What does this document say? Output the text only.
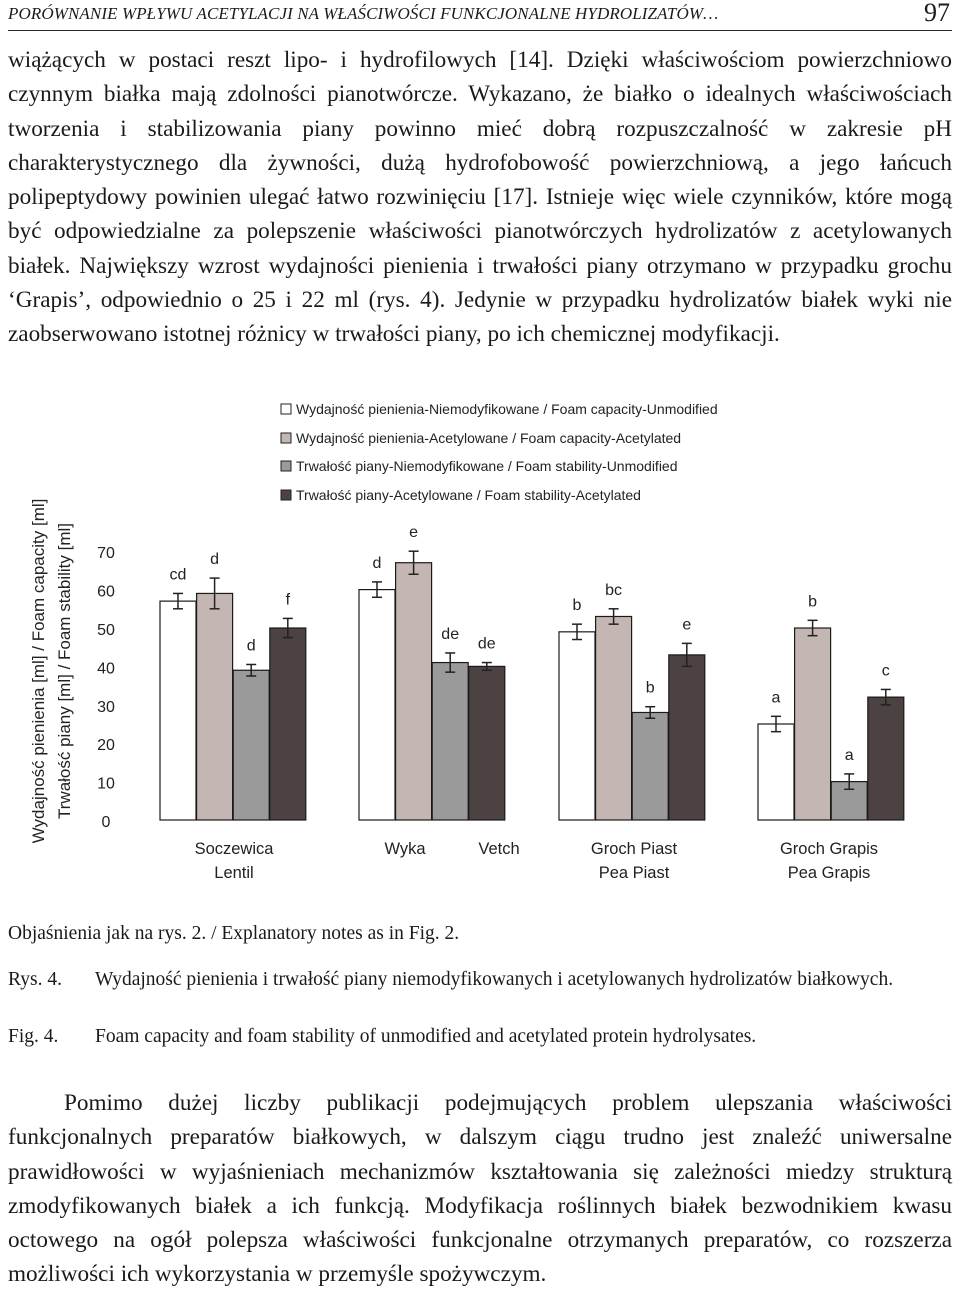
PORÓWNANIE WPŁYWU ACETYLACJI NA WŁAŚCIWOŚCI FUNKCJONALNE HYDROLIZATÓW…	97

wiążących w postaci reszt lipo- i hydrofilowych [14]. Dzięki właściwościom powierzchniowo czynnym białka mają zdolności pianotwórcze. Wykazano, że białko o idealnych właściwościach tworzenia i stabilizowania piany powinno mieć dobrą rozpuszczalność w zakresie pH charakterystycznego dla żywności, dużą hydrofobowość powierzchniową, a jego łańcuch polipeptydowy powinien ulegać łatwo rozwinięciu [17]. Istnieje więc wiele czynników, które mogą być odpowiedzialne za polepszenie właściwości pianotwórczych hydrolizatów z acetylowanych białek. Największy wzrost wydajności pienienia i trwałości piany otrzymano w przypadku grochu ‘Grapis’, odpowiednio o 25 i 22 ml (rys. 4). Jedynie w przypadku hydrolizatów białek wyki nie zaobserwowano istotnej różnicy w trwałości piany, po ich chemicznej modyfikacji.

0
10
20
30
40
50
60
70
Wydajność pienienia [ml] / Foam capacity [ml] Trwałość piany [ml] / Foam stability [ml]
Wydajność pienienia-Niemodyfikowane / Foam capacity-Unmodified
Wydajność pienienia-Acetylowane / Foam capacity-Acetylated
Trwałość piany-Niemodyfikowane / Foam stability-Unmodified
Trwałość piany-Acetylowane / Foam stability-Acetylated
cd
d
b
a
d
e
bc
b
d
de
b
a
f
de
e
c
Soczewica
Lentil
Wyka	Vetch	Groch Piast
Pea Piast
Groch Grapis
Pea Grapis
Objaśnienia jak na rys. 2. / Explanatory notes as in Fig. 2.
Rys. 4. Wydajność pienienia i trwałość piany niemodyfikowanych i acetylowanych hydrolizatów białkowych.
Fig. 4. Foam capacity and foam stability of unmodified and acetylated protein hydrolysates.

Pomimo dużej liczby publikacji podejmujących problem ulepszania właściwości funkcjonalnych preparatów białkowych, w dalszym ciągu trudno jest znaleźć uniwersalne prawidłowości w wyjaśnieniach mechanizmów kształtowania się zależności miedzy strukturą zmodyfikowanych białek a ich funkcją. Modyfikacja roślinnych białek bezwodnikiem kwasu octowego na ogół polepsza właściwości funkcjonalne otrzymanych preparatów, co rozszerza możliwości ich wykorzystania w przemyśle spożywczym.
